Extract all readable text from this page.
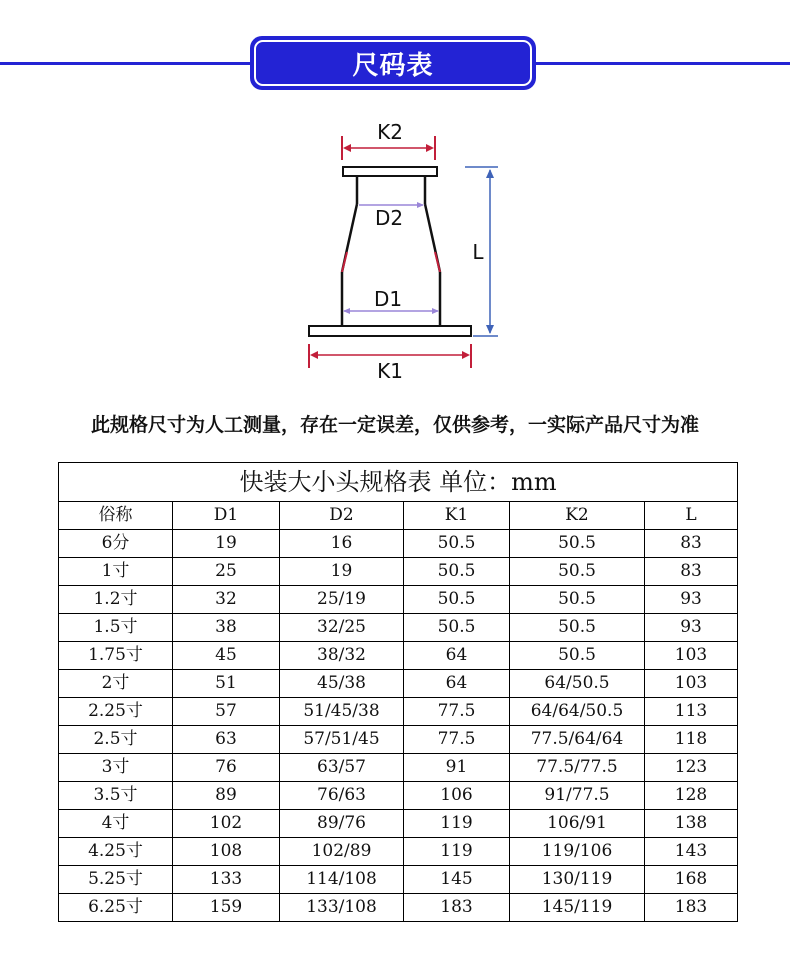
尺码表
K2
D2
L
D1
K1
此规格尺寸为人工测量，存在一定误差，仅供参考，一实际产品尺寸为准
快装大小头规格表 单位：mm					
俗称	D1	D2	K1	K2	L
6分	19	16	50.5	50.5	83
1寸	25	19	50.5	50.5	83
1.2寸	32	25/19	50.5	50.5	93
1.5寸	38	32/25	50.5	50.5	93
1.75寸	45	38/32	64	50.5	103
2寸	51	45/38	64	64/50.5	103
2.25寸	57	51/45/38	77.5	64/64/50.5	113
2.5寸	63	57/51/45	77.5	77.5/64/64	118
3寸	76	63/57	91	77.5/77.5	123
3.5寸	89	76/63	106	91/77.5	128
4寸	102	89/76	119	106/91	138
4.25寸	108	102/89	119	119/106	143
5.25寸	133	114/108	145	130/119	168
6.25寸	159	133/108	183	145/119	183
